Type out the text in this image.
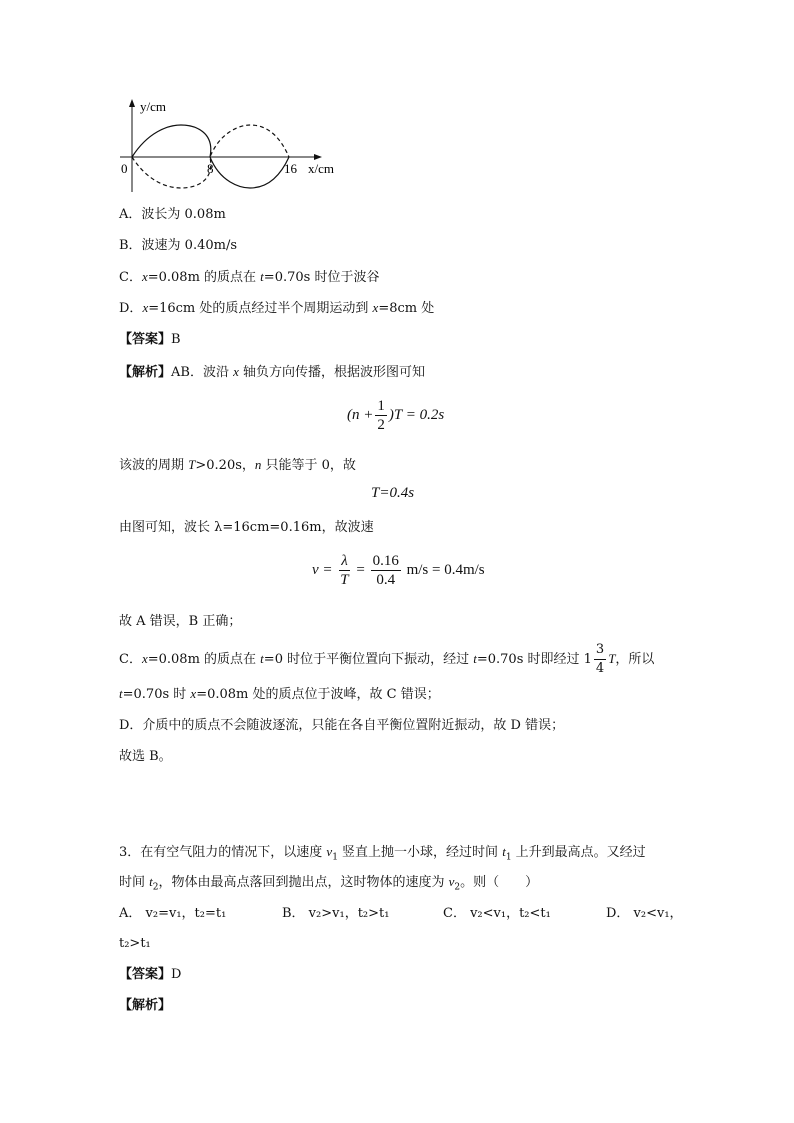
y/cm
x/cm
0	8	16
A．波长为 0.08m
B．波速为 0.40m/s
C．x=0.08m 的质点在 t=0.70s 时位于波谷
D．x=16cm 处的质点经过半个周期运动到 x=8cm 处
【答案】B
【解析】AB．波沿 x 轴负方向传播，根据波形图可知
$(n + \frac{1}{2} )T = 0.2s$
该波的周期 T>0.20s，n 只能等于 0，故
T=0.4s
由图可知，波长 λ=16cm=0.16m，故波速
$v = \frac{\lambda}{T} = \frac{0.16}{0.4} m/s = 0.4m/s$
故 A 错误，B 正确；
C．x=0.08m 的质点在 t=0 时位于平衡位置向下振动，经过 t=0.70s 时即经过 $1 \frac{3}{4}$ T，所以
t=0.70s 时 x=0.08m 处的质点位于波峰，故 C 错误；
D．介质中的质点不会随波逐流，只能在各自平衡位置附近振动，故 D 错误；
故选 B。
3．在有空气阻力的情况下，以速度 $v_1$ 竖直上抛一小球，经过时间 $t_1$ 上升到最高点。又经过
时间 $t_2$，物体由最高点落回到抛出点，这时物体的速度为 $v_2$。则（　　）
A． v₂=v₁，t₂=t₁	B． v₂>v₁，t₂>t₁	C． v₂<v₁，t₂<t₁	D． v₂<v₁，
t₂>t₁
【答案】D
【解析】
